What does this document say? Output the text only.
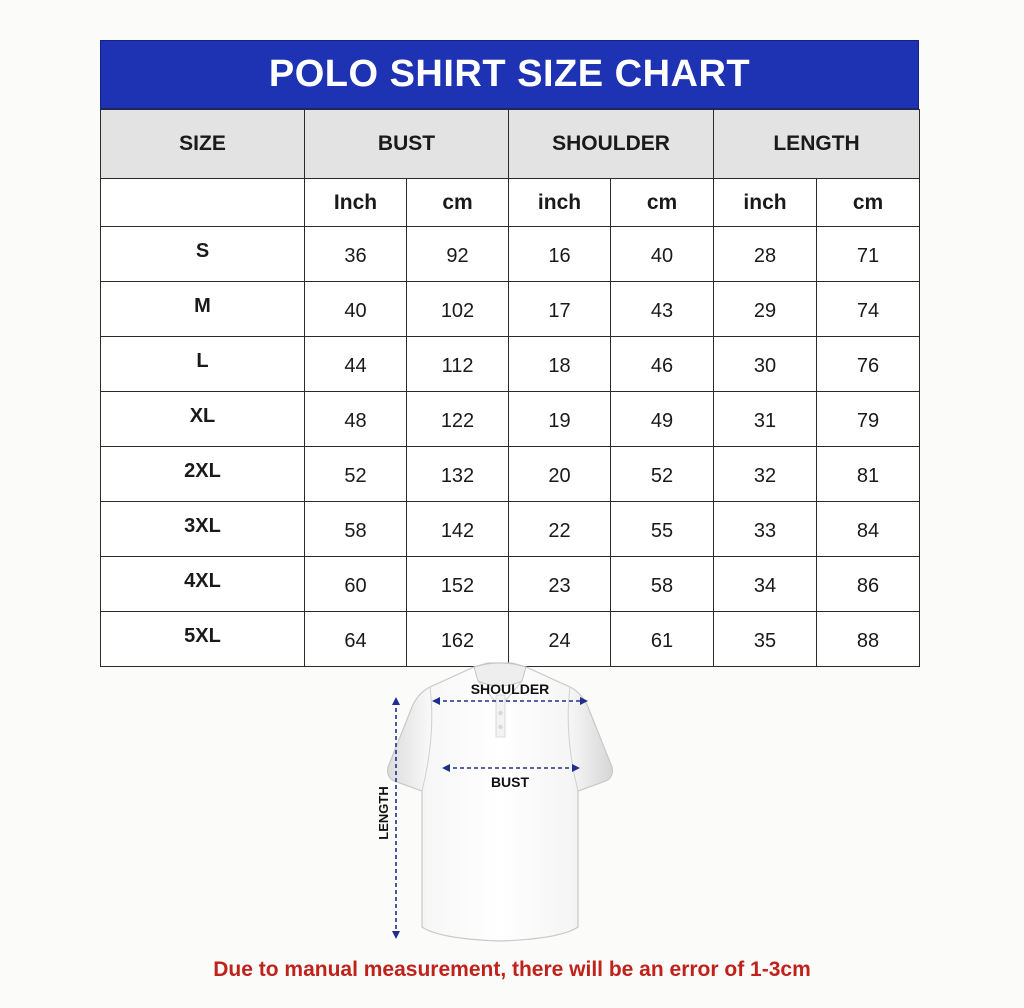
POLO SHIRT SIZE CHART
SIZE	BUST		SHOULDER		LENGTH	
	Inch	cm	inch	cm	inch	cm
S	36	92	16	40	28	71
M	40	102	17	43	29	74
L	44	112	18	46	30	76
XL	48	122	19	49	31	79
2XL	52	132	20	52	32	81
3XL	58	142	22	55	33	84
4XL	60	152	23	58	34	86
5XL	64	162	24	61	35	88
SHOULDER
BUST
LENGTH
Due to manual measurement, there will be an error of 1-3cm
